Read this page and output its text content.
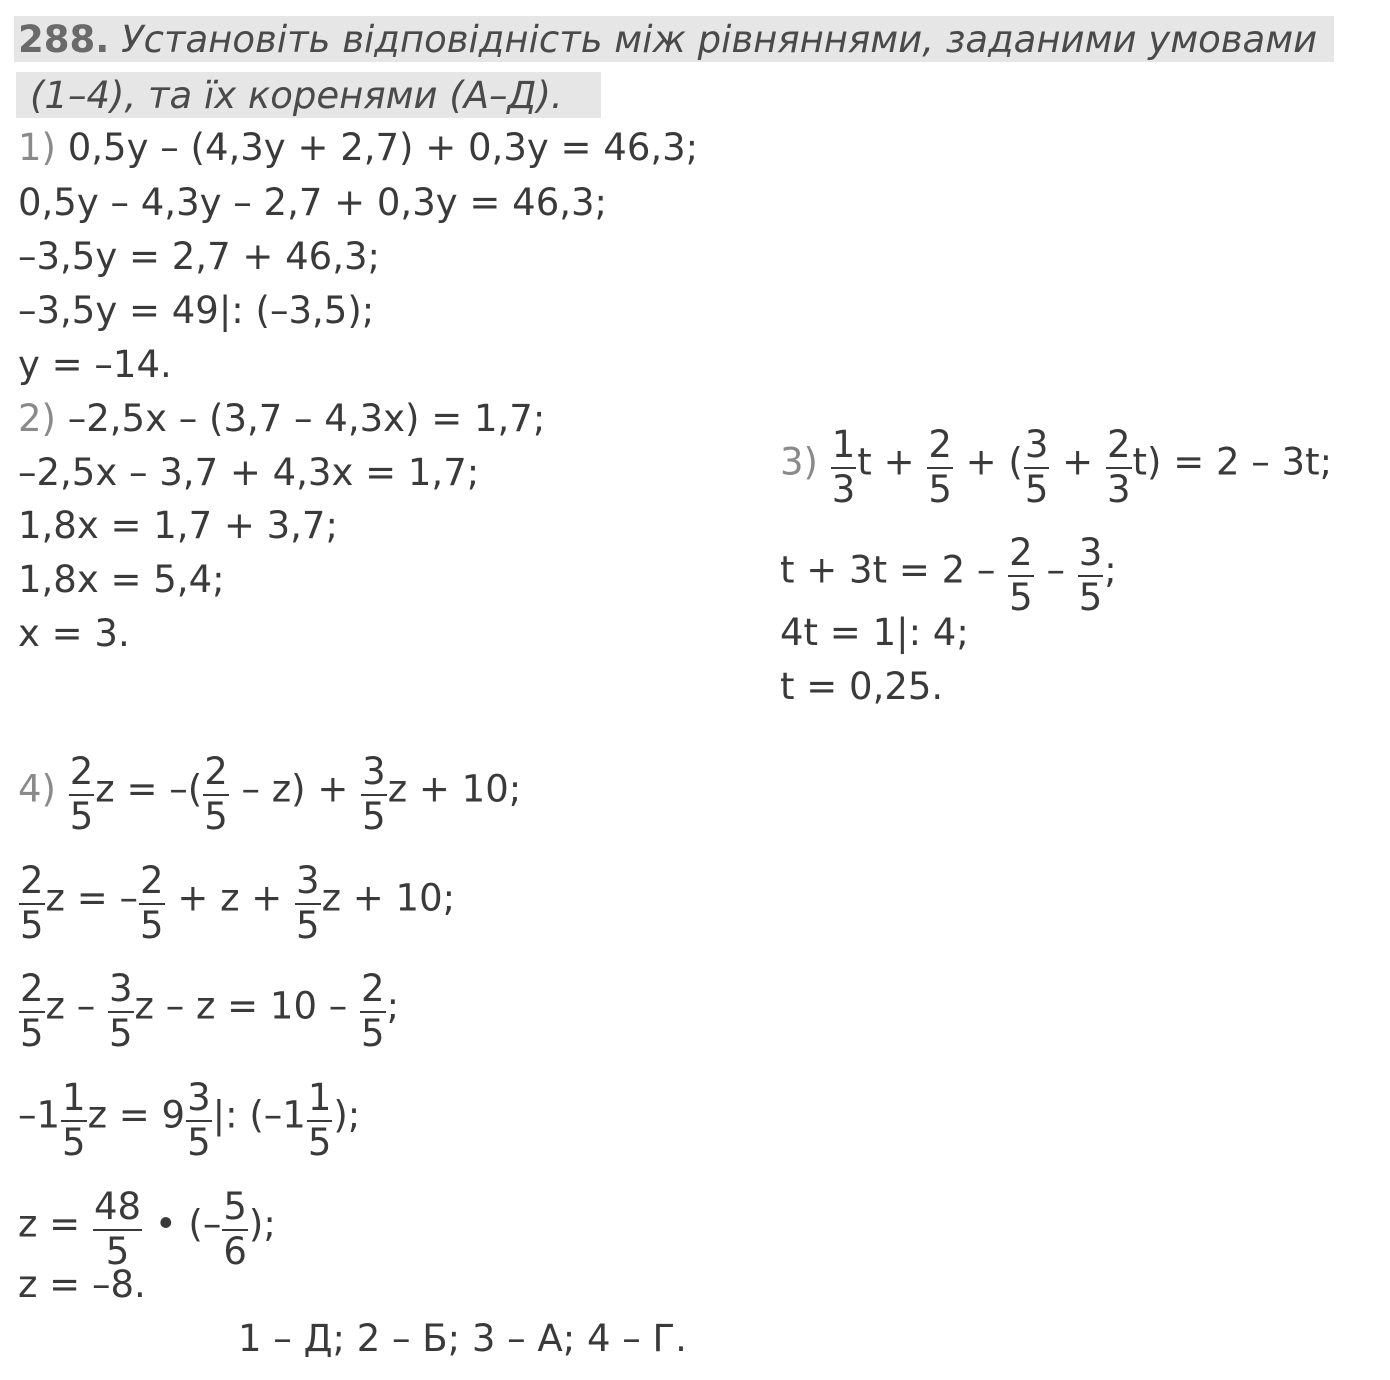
288. Установіть відповідність між рівняннями, заданими умовами
(1–4), та їх коренями (А–Д).
1) 0,5y – (4,3y + 2,7) + 0,3y = 46,3;
0,5y – 4,3y – 2,7 + 0,3y = 46,3;
–3,5y = 2,7 + 46,3;
–3,5y = 49|: (–3,5);
y = –14.
2) –2,5x – (3,7 – 4,3x) = 1,7;
–2,5x – 3,7 + 4,3x = 1,7;
1,8x = 1,7 + 3,7;
1,8x = 5,4;
x = 3.
$3) \frac{1}{3}$ $t + \frac{2}{5}$ + ( $\frac{3}{5} + \frac{2}{3} t) = 2 - 3t$;
$t + 3t = 2 - \frac{2}{5} - \frac{3}{5}$ ;
4t = 1|: 4;
t = 0,25.
$4) \frac{2}{5}$ z = –( $\frac{2}{5} - z) + \frac{3}{5}$ z + 10;
$\frac{2}{5}$ z = – $\frac{2}{5} + z + \frac{3}{5}$ z + 10;
$\frac{2}{5}$ z – $\frac{3}{5}$ $z - z = 10 - \frac{2}{5}$ ;
$-1 \frac{1}{5}$ $z = 9 \frac{3}{5}$ |: ($-1 \frac{1}{5}$ );
$z = \frac{48}{5}$ • (– $\frac{5}{6}$ );
z = –8.
1 – Д; 2 – Б; 3 – А; 4 – Г.
